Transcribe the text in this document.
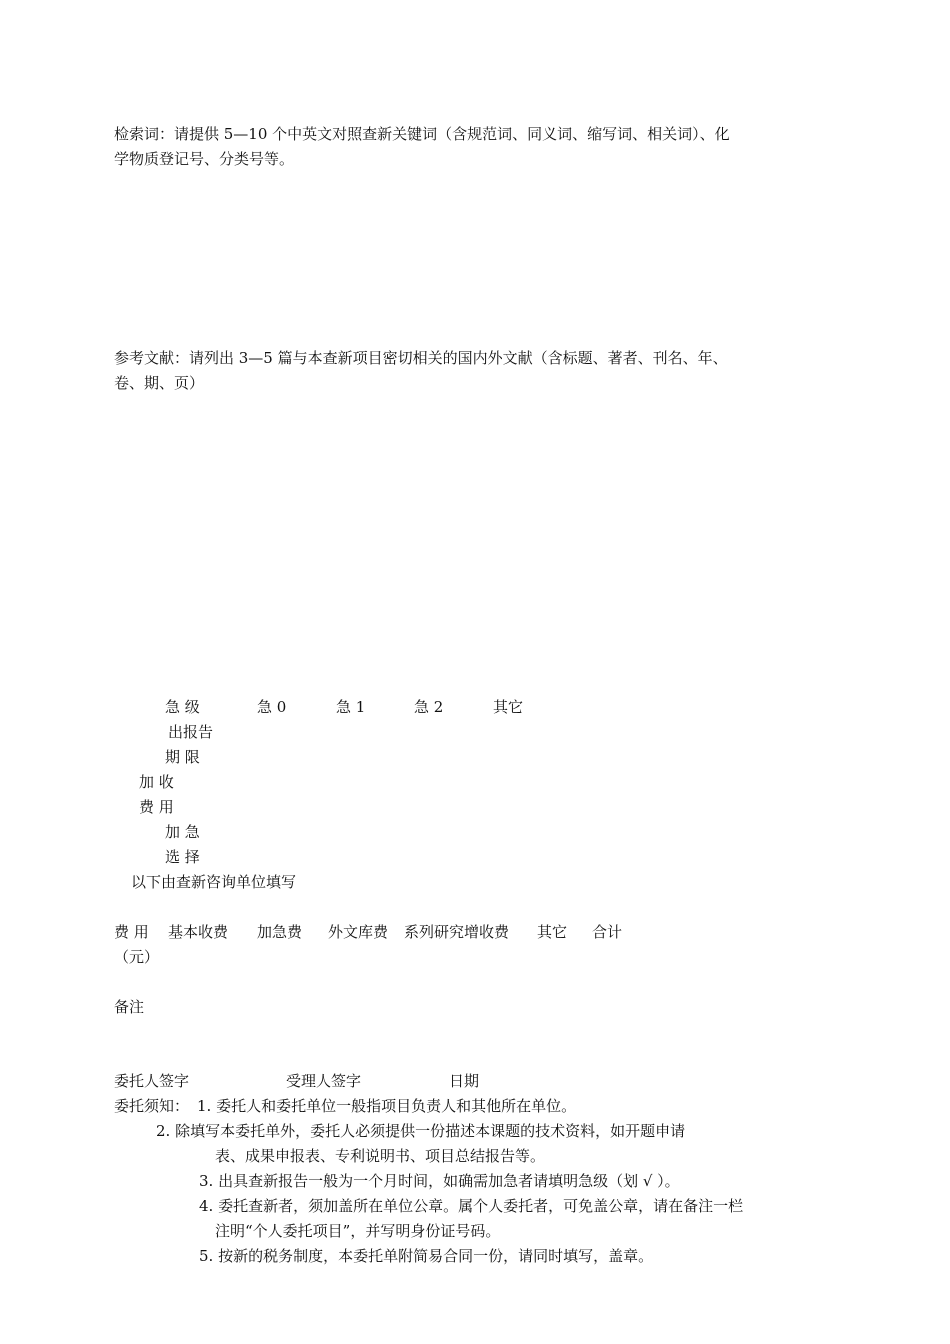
检索词：请提供 5—10 个中英文对照查新关键词（含规范词、同义词、缩写词、相关词）、化
学物质登记号、分类号等。
参考文献：请列出 3—5 篇与本查新项目密切相关的国内外文献（含标题、著者、刊名、年、
卷、期、页）
急 级	急 0	急 1	急 2	其它
出报告
期 限
加 收
费 用
加 急
选 择
以下由查新咨询单位填写
费 用 基本收费 加急费 外文库费 系列研究增收费 其它 合计
（元）
备注
委托人签字	受理人签字	日期
委托须知： 1. 委托人和委托单位一般指项目负责人和其他所在单位。
2. 除填写本委托单外，委托人必须提供一份描述本课题的技术资料，如开题申请
表、成果申报表、专利说明书、项目总结报告等。
3. 出具查新报告一般为一个月时间，如确需加急者请填明急级（划 √ ）。
4. 委托查新者，须加盖所在单位公章。属个人委托者，可免盖公章，请在备注一栏
注明“个人委托项目”，并写明身份证号码。
5. 按新的税务制度，本委托单附简易合同一份，请同时填写，盖章。
